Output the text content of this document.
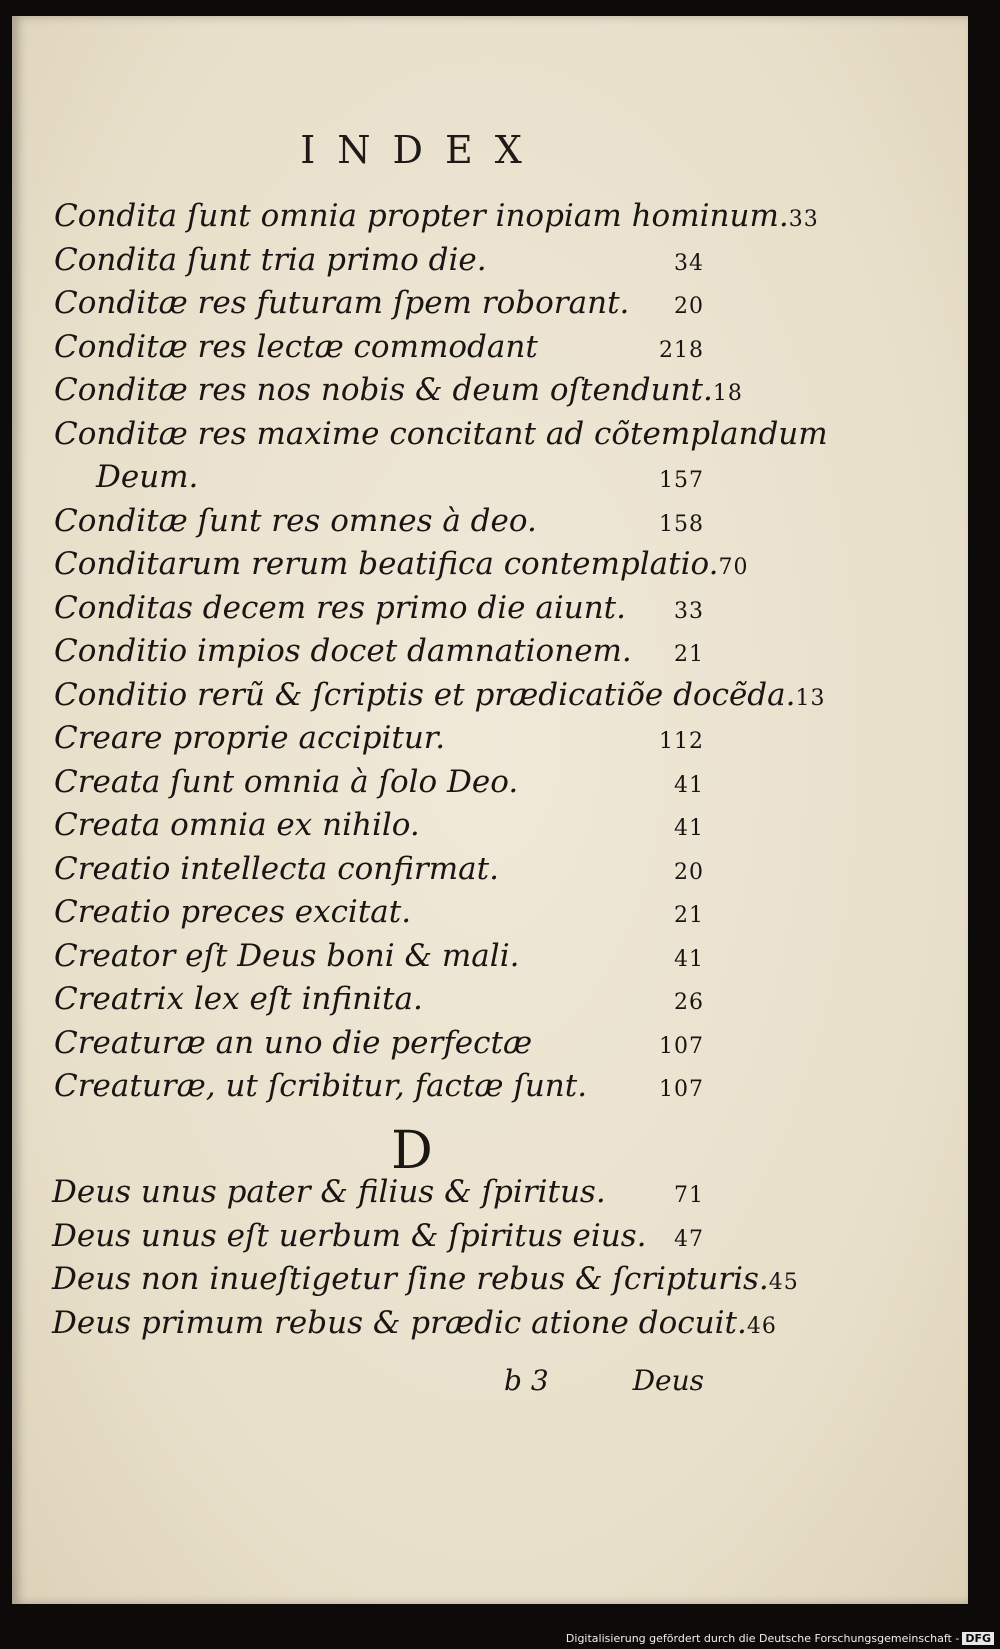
INDEX
Condita ſunt omnia propter inopiam hominum. 33
Condita ſunt tria primo die.	34
Conditæ res futuram ſpem roborant. 20
Conditæ res lectæ commodant	218
Conditæ res nos nobis & deum oſtendunt. 18
Conditæ res maxime concitant ad cõtemplandum
Deum.	157
Conditæ ſunt res omnes à deo.	158
Conditarum rerum beatifica contemplatio. 70
Conditas decem res primo die aiunt. 33
Conditio impios docet damnationem. 21
Conditio rerũ & ſcriptis et prædicatiõe docẽda. 13
Creare proprie accipitur.	112
Creata ſunt omnia à ſolo Deo.	41
Creata omnia ex nihilo.	41
Creatio intellecta confirmat.	20
Creatio preces excitat.	21
Creator eſt Deus boni & mali.	41
Creatrix lex eſt infinita.	26
Creaturæ an uno die perfectæ	107
Creaturæ, ut ſcribitur, factæ ſunt.	107
D
Deus unus pater & filius & ſpiritus.	71
Deus unus eſt uerbum & ſpiritus eius. 47
Deus non inueſtigetur ſine rebus & ſcripturis. 45
Deus primum rebus & prædic atione docuit. 46
b 3	Deus
Digitalisierung gefördert durch die Deutsche Forschungsgemeinschaft - DFG
